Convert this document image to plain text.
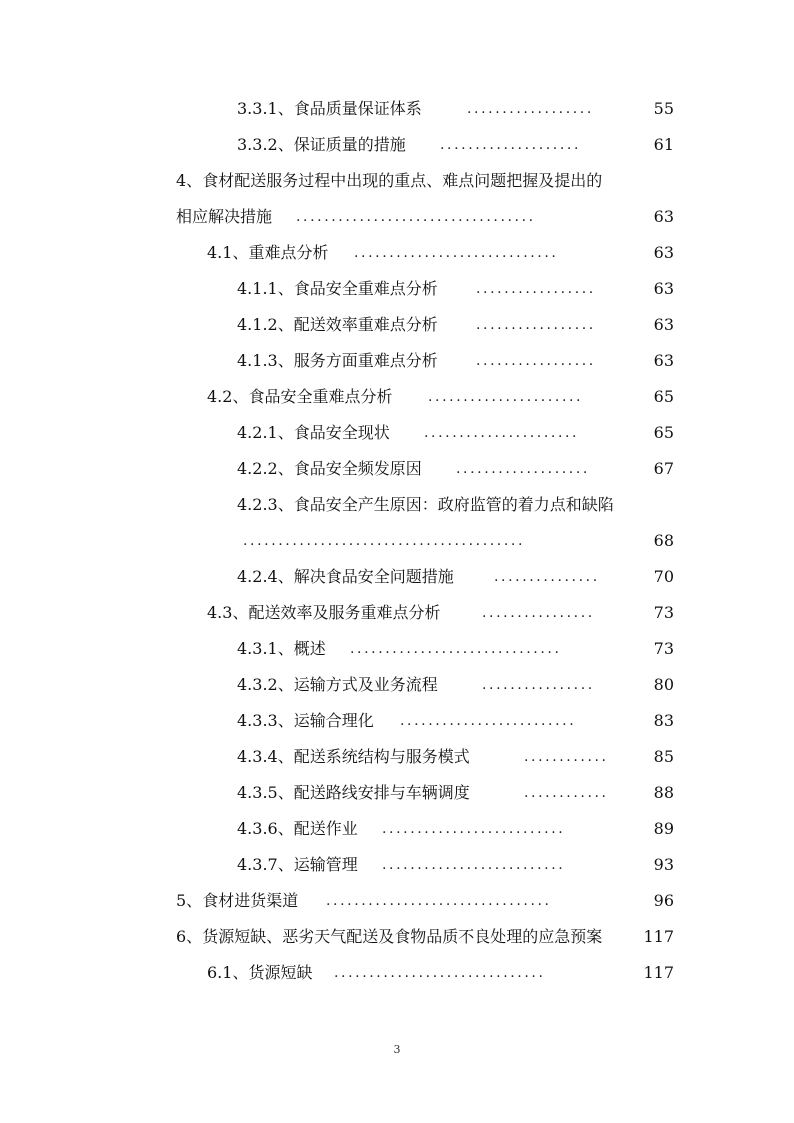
3.3.1、食品质量保证体系	..................	55
3.3.2、保证质量的措施 ....................	61
4、食材配送服务过程中出现的重点、难点问题把握及提出的
相应解决措施 ..................................	63
4.1、重难点分析 .............................	63
4.1.1、食品安全重难点分析	.................	63
4.1.2、配送效率重难点分析	.................	63
4.1.3、服务方面重难点分析	.................	63
4.2、食品安全重难点分析	......................	65
4.2.1、食品安全现状 ......................	65
4.2.2、食品安全频发原因 ...................	67
4.2.3、食品安全产生原因：政府监管的着力点和缺陷
........................................	68
4.2.4、解决食品安全问题措施	...............	70
4.3、配送效率及服务重难点分析	................	73
4.3.1、概述 ..............................	73
4.3.2、运输方式及业务流程	................	80
4.3.3、运输合理化 .........................	83
4.3.4、配送系统结构与服务模式	............	85
4.3.5、配送路线安排与车辆调度	............	88
4.3.6、配送作业 ..........................	89
4.3.7、运输管理 ..........................	93
5、食材进货渠道 ................................	96
6、货源短缺、恶劣天气配送及食物品质不良处理的应急预案	117
6.1、货源短缺 ..............................	117
3
